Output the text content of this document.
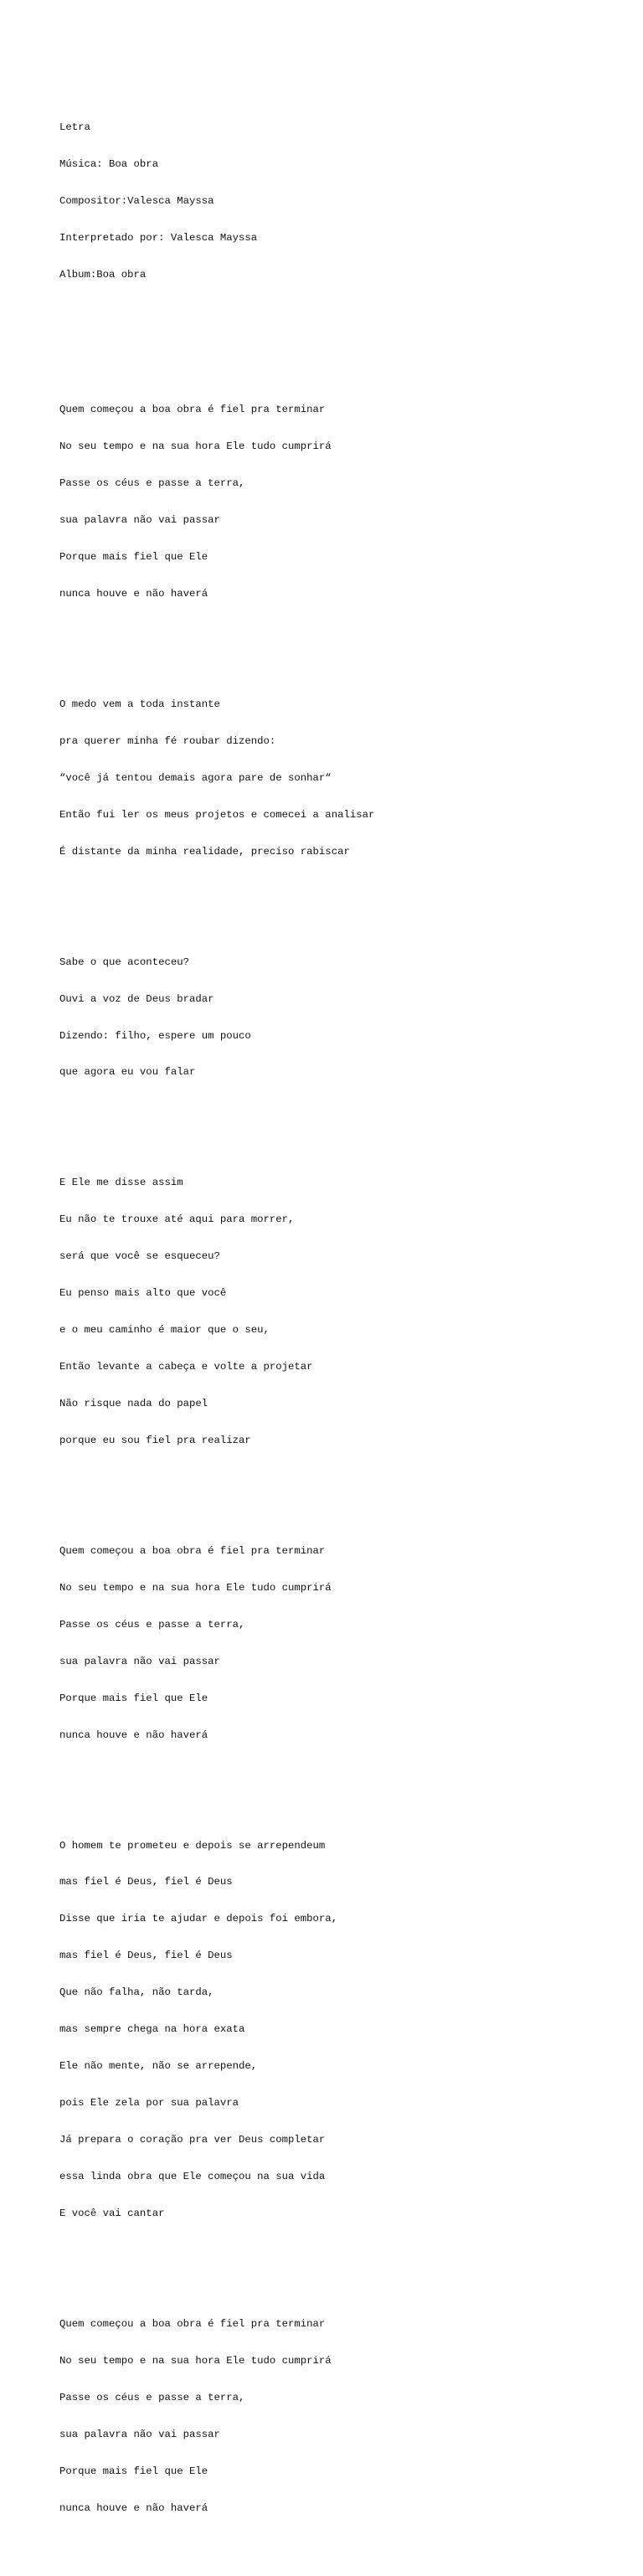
Letra

Música: Boa obra

Compositor:Valesca Mayssa

Interpretado por: Valesca Mayssa

Album:Boa obra

Quem começou a boa obra é fiel pra terminar

No seu tempo e na sua hora Ele tudo cumprirá

Passe os céus e passe a terra,

sua palavra não vai passar

Porque mais fiel que Ele

nunca houve e não haverá

O medo vem a toda instante

pra querer minha fé roubar dizendo:

“você já tentou demais agora pare de sonhar“

Então fui ler os meus projetos e comecei a analisar

É distante da minha realidade, preciso rabiscar

Sabe o que aconteceu?

Ouvi a voz de Deus bradar

Dizendo: filho, espere um pouco

que agora eu vou falar

E Ele me disse assim

Eu não te trouxe até aqui para morrer,

será que você se esqueceu?

Eu penso mais alto que você

e o meu caminho é maior que o seu,

Então levante a cabeça e volte a projetar

Não risque nada do papel

porque eu sou fiel pra realizar

Quem começou a boa obra é fiel pra terminar

No seu tempo e na sua hora Ele tudo cumprirá

Passe os céus e passe a terra,

sua palavra não vai passar

Porque mais fiel que Ele

nunca houve e não haverá

O homem te prometeu e depois se arrependeum

mas fiel é Deus, fiel é Deus

Disse que iria te ajudar e depois foi embora,

mas fiel é Deus, fiel é Deus

Que não falha, não tarda,

mas sempre chega na hora exata

Ele não mente, não se arrepende,

pois Ele zela por sua palavra

Já prepara o coração pra ver Deus completar

essa linda obra que Ele começou na sua vida

E você vai cantar

Quem começou a boa obra é fiel pra terminar

No seu tempo e na sua hora Ele tudo cumprirá

Passe os céus e passe a terra,

sua palavra não vai passar

Porque mais fiel que Ele

nunca houve e não haverá
